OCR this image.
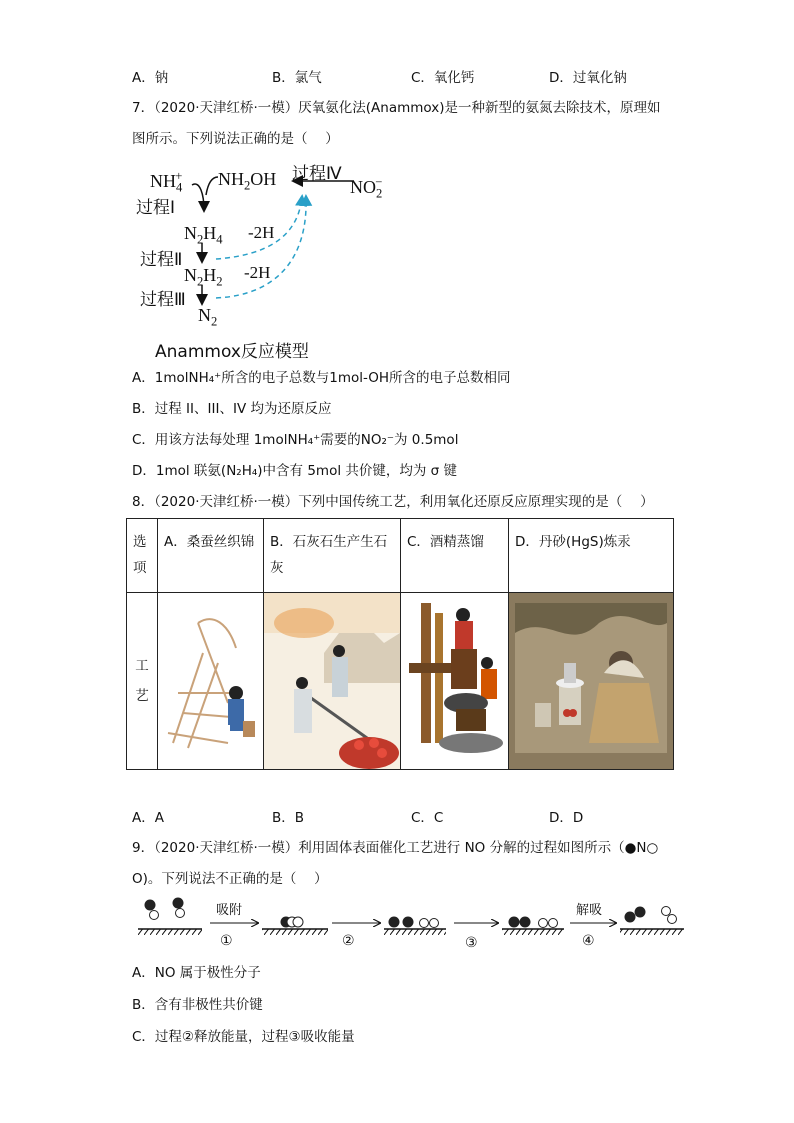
A．钠	B．氯气	C．氧化钙	D．过氧化钠
7．（2020·天津红桥·一模）厌氧氨化法(Anammox)是一种新型的氨氮去除技术，原理如
图所示。下列说法正确的是（　 ）
$NH_4^+$ $NH_2OH$ 过程Ⅳ
$NO_2^-$
过程Ⅰ
$N_2H_4$ -2H
过程Ⅱ
$N_2H_2$ -2H
过程Ⅲ
$N_2$
Anammox反应模型
A．1molNH₄⁺所含的电子总数与1mol-OH所含的电子总数相同
B．过程 II、III、IV 均为还原反应
C．用该方法每处理 1molNH₄⁺需要的NO₂⁻为 0.5mol
D．1mol 联氨(N₂H₄)中含有 5mol 共价键，均为 σ 键
8．（2020·天津红桥·一模）下列中国传统工艺，利用氧化还原反应原理实现的是（　 ）
选项	A．桑蚕丝织锦	B．石灰石生产生石灰	C．酒精蒸馏	D．丹砂(HgS)炼汞

工艺

A．A	B．B	C．C	D．D
9．（2020·天津红桥·一模）利用固体表面催化工艺进行 NO 分解的过程如图所示（●N○
O)。下列说法不正确的是（　 ）
吸附
①	②	③
解吸
④
A．NO 属于极性分子
B．含有非极性共价键
C．过程②释放能量，过程③吸收能量
